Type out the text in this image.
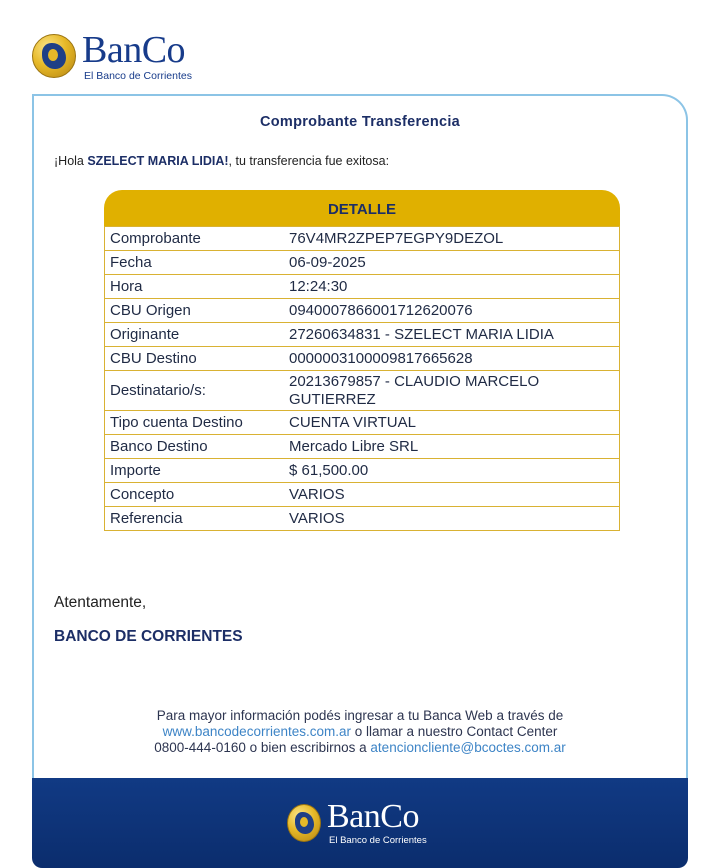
BanCo
El Banco de Corrientes
Comprobante Transferencia
¡Hola SZELECT MARIA LIDIA!, tu transferencia fue exitosa:
DETALLE
Comprobante	76V4MR2ZPEP7EGPY9DEZOL
Fecha	06-09-2025
Hora	12:24:30
CBU Origen	0940007866001712620076
Originante	27260634831 - SZELECT MARIA LIDIA
CBU Destino	0000003100009817665628
Destinatario/s:	20213679857 - CLAUDIO MARCELO GUTIERREZ
Tipo cuenta Destino	CUENTA VIRTUAL
Banco Destino	Mercado Libre SRL
Importe	$ 61,500.00
Concepto	VARIOS
Referencia	VARIOS
Atentamente,
BANCO DE CORRIENTES
Para mayor información podés ingresar a tu Banca Web a través de
www.bancodecorrientes.com.ar o llamar a nuestro Contact Center
0800-444-0160 o bien escribirnos a atencioncliente@bcoctes.com.ar
BanCo
El Banco de Corrientes
